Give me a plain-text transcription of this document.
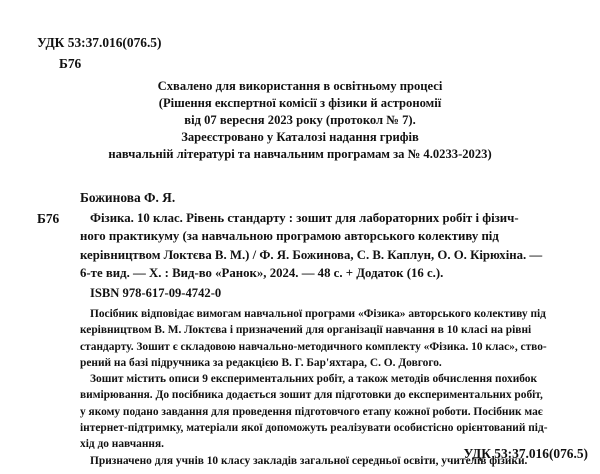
УДК 53:37.016(076.5)
Б76
Схвалено для використання в освітньому процесі
(Рішення експертної комісії з фізики й астрономії
від 07 вересня 2023 року (протокол № 7).
Зареєстровано у Каталозі надання грифів
навчальній літературі та навчальним програмам за № 4.0233-2023)
Божинова Ф. Я.
Б76	Фізика. 10 клас. Рівень стандарту : зошит для лабораторних робіт і фізич-

ного практикуму (за навчальною програмою авторського колективу під

керівництвом Локтєва В. М.) / Ф. Я. Божинова, С. В. Каплун, О. О. Кірюхіна. —

6-те вид. — Х. : Вид-во «Ранок», 2024. — 48 с. + Додаток (16 с.).

ISBN 978-617-09-4742-0

Посібник відповідає вимогам навчальної програми «Фізика» авторського колективу під

керівництвом В. М. Локтєва і призначений для організації навчання в 10 класі на рівні

стандарту. Зошит є складовою навчально-методичного комплекту «Фізика. 10 клас», ство-

рений на базі підручника за редакцією В. Г. Бар'яхтара, С. О. Довгого.

Зошит містить описи 9 експериментальних робіт, а також методів обчислення похибок

вимірювання. До посібника додається зошит для підготовки до експериментальних робіт,

у якому подано завдання для проведення підготовчого етапу кожної роботи. Посібник має

інтернет-підтримку, матеріали якої допоможуть реалізувати особистісно орієнтований під-

хід до навчання.

Призначено для учнів 10 класу закладів загальної середньої освіти, учителів фізики.

УДК 53:37.016(076.5)
